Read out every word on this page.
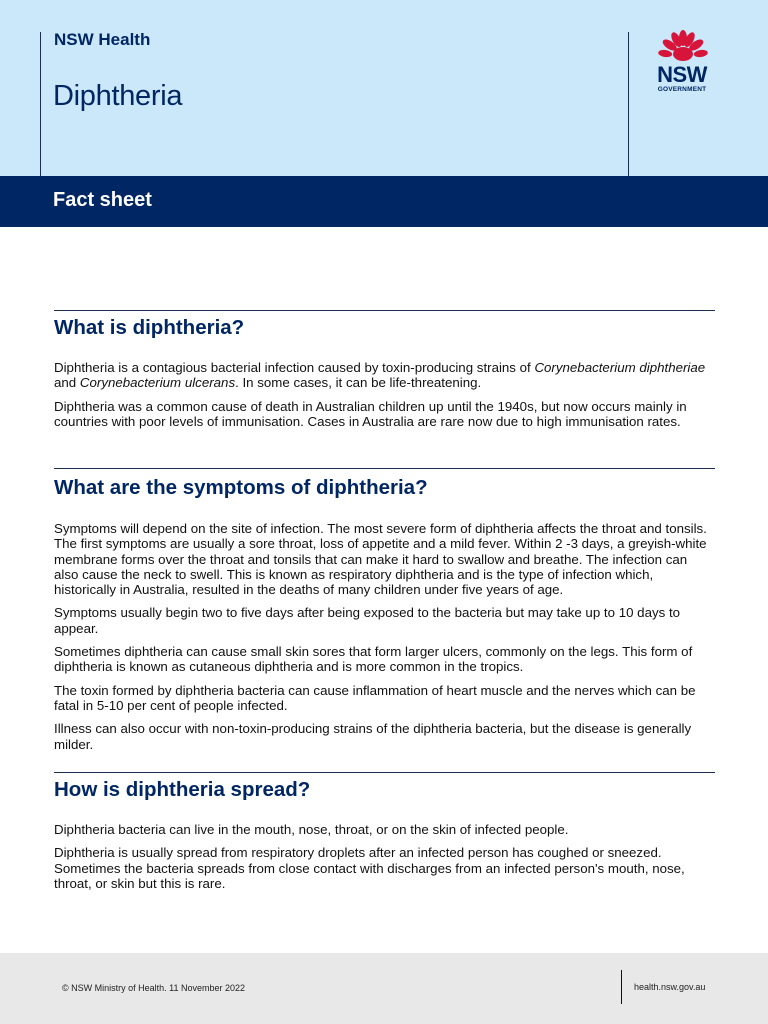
NSW Health
Diphtheria
NSW
GOVERNMENT
Fact sheet
What is diphtheria?

Diphtheria is a contagious bacterial infection caused by toxin-producing strains of Corynebacterium diphtheriae and Corynebacterium ulcerans. In some cases, it can be life-threatening.

Diphtheria was a common cause of death in Australian children up until the 1940s, but now occurs mainly in countries with poor levels of immunisation. Cases in Australia are rare now due to high immunisation rates.

What are the symptoms of diphtheria?

Symptoms will depend on the site of infection. The most severe form of diphtheria affects the throat and tonsils. The first symptoms are usually a sore throat, loss of appetite and a mild fever. Within 2 -3 days, a greyish-white membrane forms over the throat and tonsils that can make it hard to swallow and breathe. The infection can also cause the neck to swell. This is known as respiratory diphtheria and is the type of infection which, historically in Australia, resulted in the deaths of many children under five years of age.

Symptoms usually begin two to five days after being exposed to the bacteria but may take up to 10 days to appear.

Sometimes diphtheria can cause small skin sores that form larger ulcers, commonly on the legs. This form of diphtheria is known as cutaneous diphtheria and is more common in the tropics.

The toxin formed by diphtheria bacteria can cause inflammation of heart muscle and the nerves which can be fatal in 5-10 per cent of people infected.

Illness can also occur with non-toxin-producing strains of the diphtheria bacteria, but the disease is generally milder.

How is diphtheria spread?

Diphtheria bacteria can live in the mouth, nose, throat, or on the skin of infected people.

Diphtheria is usually spread from respiratory droplets after an infected person has coughed or sneezed. Sometimes the bacteria spreads from close contact with discharges from an infected person's mouth, nose, throat, or skin but this is rare.

© NSW Ministry of Health. 11 November 2022	health.nsw.gov.au
